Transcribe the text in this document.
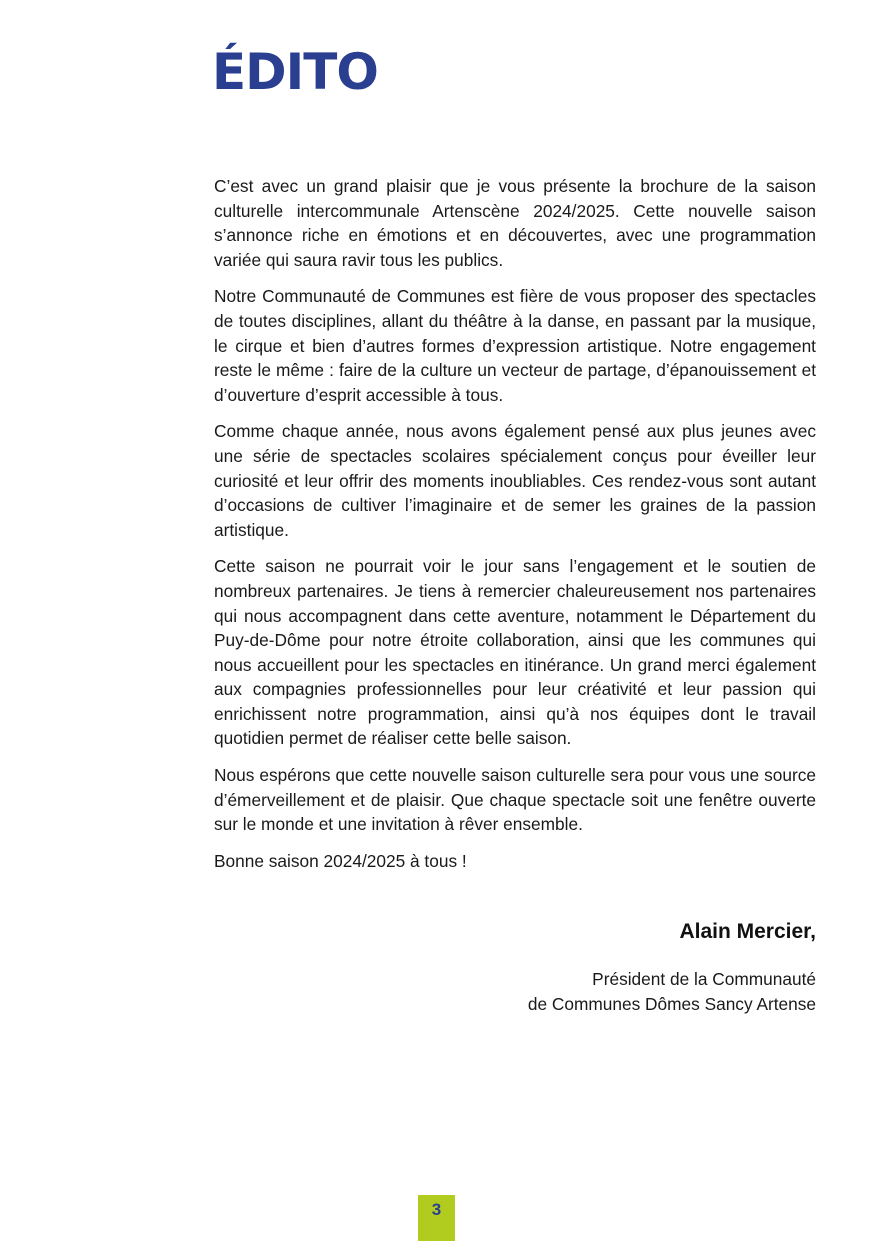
ÉDITO

C’est avec un grand plaisir que je vous présente la brochure de la saison culturelle intercommunale Artenscène 2024/2025. Cette nouvelle saison s’annonce riche en émotions et en découvertes, avec une programmation variée qui saura ravir tous les publics.

Notre Communauté de Communes est fière de vous proposer des spectacles de toutes disciplines, allant du théâtre à la danse, en passant par la musique, le cirque et bien d’autres formes d’expression artistique. Notre engagement reste le même : faire de la culture un vecteur de partage, d’épanouissement et d’ouverture d’esprit accessible à tous.

Comme chaque année, nous avons également pensé aux plus jeunes avec une série de spectacles scolaires spécialement conçus pour éveiller leur curiosité et leur offrir des moments inoubliables. Ces rendez-vous sont autant d’occasions de cultiver l’imaginaire et de semer les graines de la passion artistique.

Cette saison ne pourrait voir le jour sans l’engagement et le soutien de nombreux partenaires. Je tiens à remercier chaleureusement nos partenaires qui nous accompagnent dans cette aventure, notamment le Département du Puy-de-Dôme pour notre étroite collaboration, ainsi que les communes qui nous accueillent pour les spectacles en itinérance. Un grand merci également aux compagnies professionnelles pour leur créativité et leur passion qui enrichissent notre programmation, ainsi qu’à nos équipes dont le travail quotidien permet de réaliser cette belle saison.

Nous espérons que cette nouvelle saison culturelle sera pour vous une source d’émerveillement et de plaisir. Que chaque spectacle soit une fenêtre ouverte sur le monde et une invitation à rêver ensemble.

Bonne saison 2024/2025 à tous !

Alain Mercier,

Président de la Communauté

de Communes Dômes Sancy Artense

3
